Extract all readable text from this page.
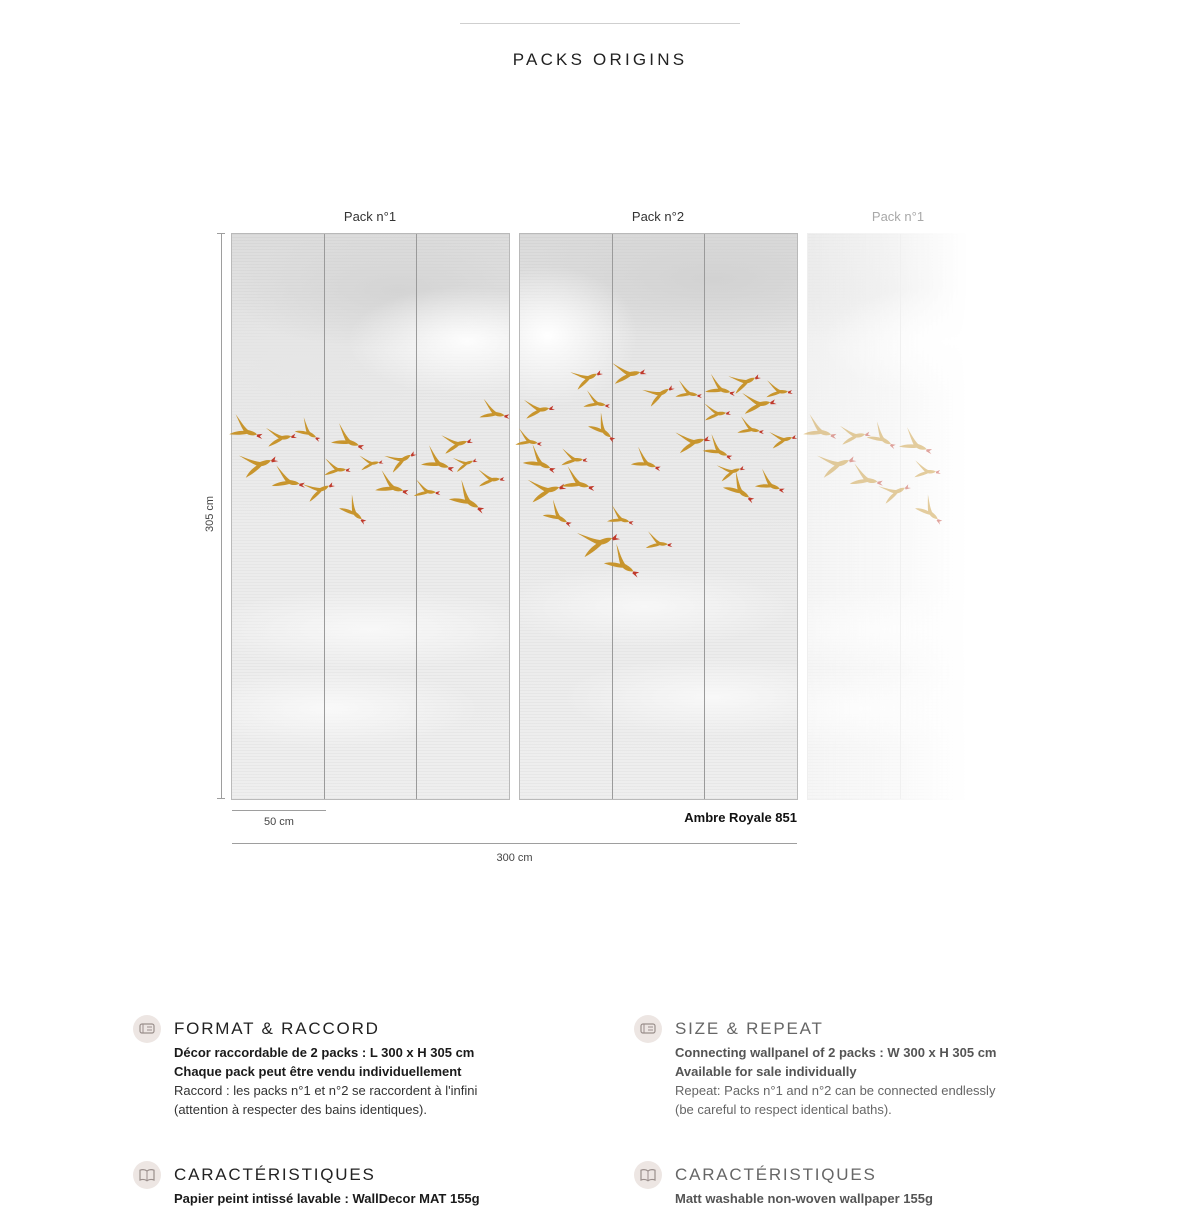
PACKS ORIGINS
Pack n°1	Pack n°2	Pack n°1
305 cm
50 cm	Ambre Royale 851
300 cm
FORMAT & RACCORD
Décor raccordable de 2 packs : L 300 x H 305 cm
Chaque pack peut être vendu individuellement
Raccord : les packs n°1 et n°2 se raccordent à l'infini
(attention à respecter des bains identiques).
SIZE & REPEAT
Connecting wallpanel of 2 packs : W 300 x H 305 cm
Available for sale individually
Repeat: Packs n°1 and n°2 can be connected endlessly
(be careful to respect identical baths).
CARACTÉRISTIQUES
Papier peint intissé lavable : WallDecor MAT 155g
CARACTÉRISTIQUES
Matt washable non-woven wallpaper 155g
